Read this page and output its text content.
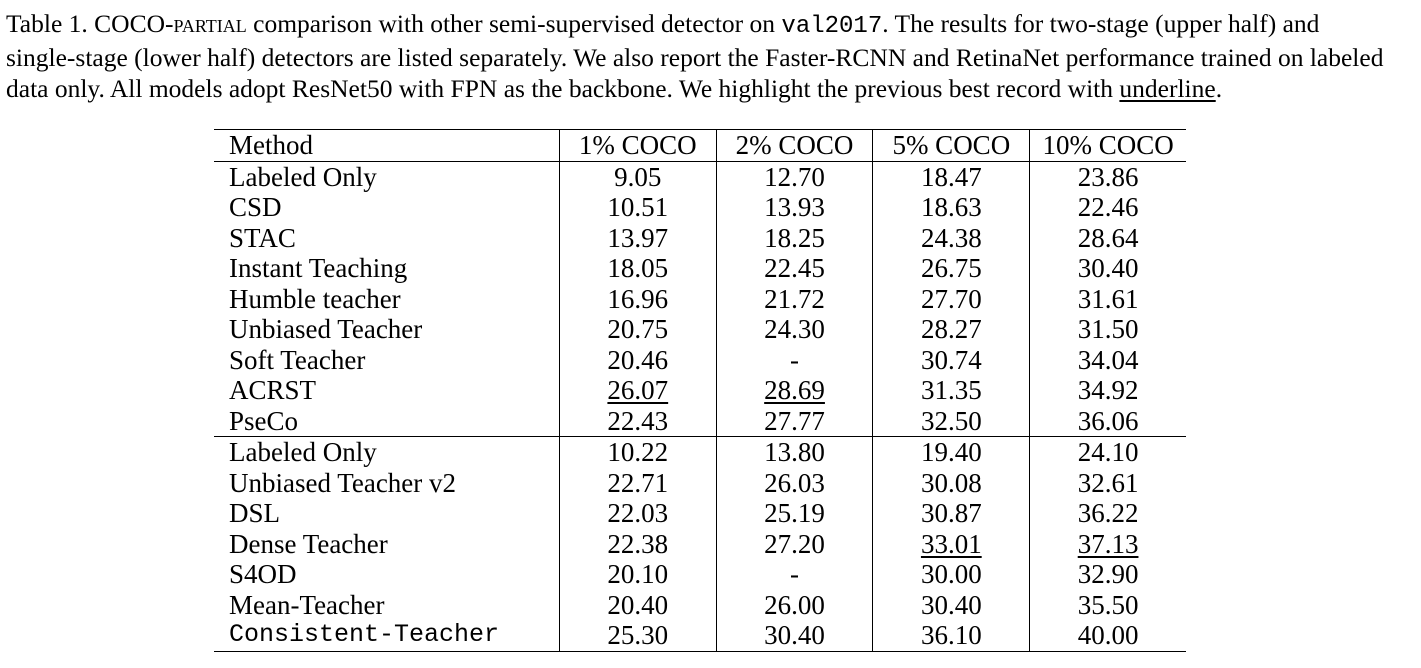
Table 1. COCO-partial comparison with other semi-supervised detector on val2017. The results for two-stage (upper half) and

single-stage (lower half) detectors are listed separately. We also report the Faster-RCNN and RetinaNet performance trained on labeled

data only. All models adopt ResNet50 with FPN as the backbone. We highlight the previous best record with underline.

Method	1% COCO	2% COCO	5% COCO	10% COCO
Labeled Only	9.05	12.70	18.47	23.86
CSD	10.51	13.93	18.63	22.46
STAC	13.97	18.25	24.38	28.64
Instant Teaching	18.05	22.45	26.75	30.40
Humble teacher	16.96	21.72	27.70	31.61
Unbiased Teacher	20.75	24.30	28.27	31.50
Soft Teacher	20.46	-	30.74	34.04
ACRST	26.07	28.69	31.35	34.92
PseCo	22.43	27.77	32.50	36.06
Labeled Only	10.22	13.80	19.40	24.10
Unbiased Teacher v2	22.71	26.03	30.08	32.61
DSL	22.03	25.19	30.87	36.22
Dense Teacher	22.38	27.20	33.01	37.13
S4OD	20.10	-	30.00	32.90
Mean-Teacher	20.40	26.00	30.40	35.50
Consistent-Teacher	25.30	30.40	36.10	40.00
